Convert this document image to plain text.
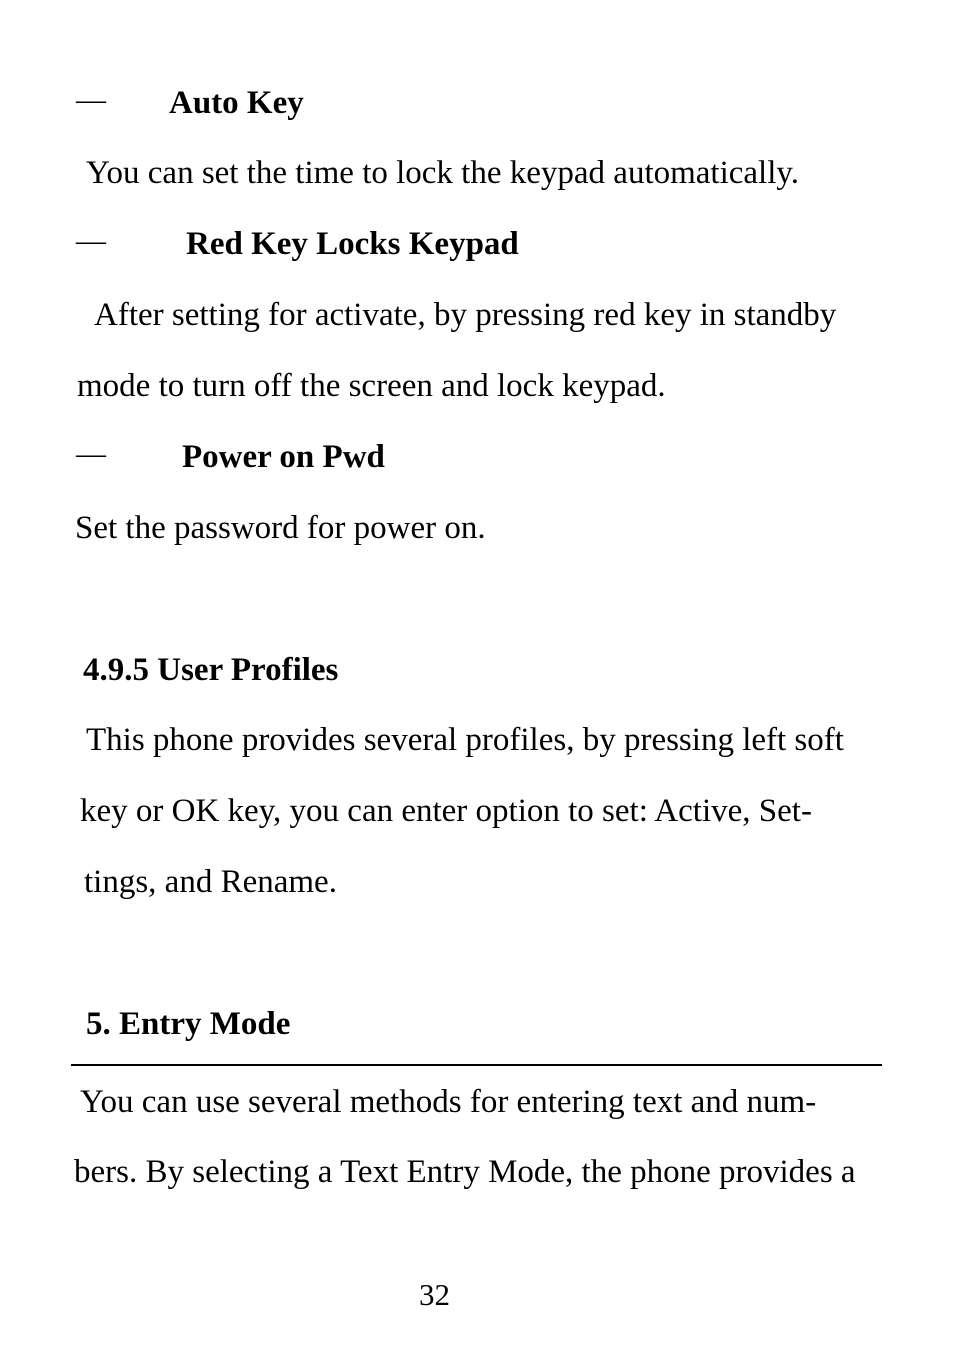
— Auto Key
You can set the time to lock the keypad automatically.
— Red Key Locks Keypad
After setting for activate, by pressing red key in standby
mode to turn off the screen and lock keypad.
— Power on Pwd
Set the password for power on.
4.9.5 User Profiles
This phone provides several profiles, by pressing left soft
key or OK key, you can enter option to set: Active, Set-
tings, and Rename.
5. Entry Mode
You can use several methods for entering text and num-
bers. By selecting a Text Entry Mode, the phone provides a
32
